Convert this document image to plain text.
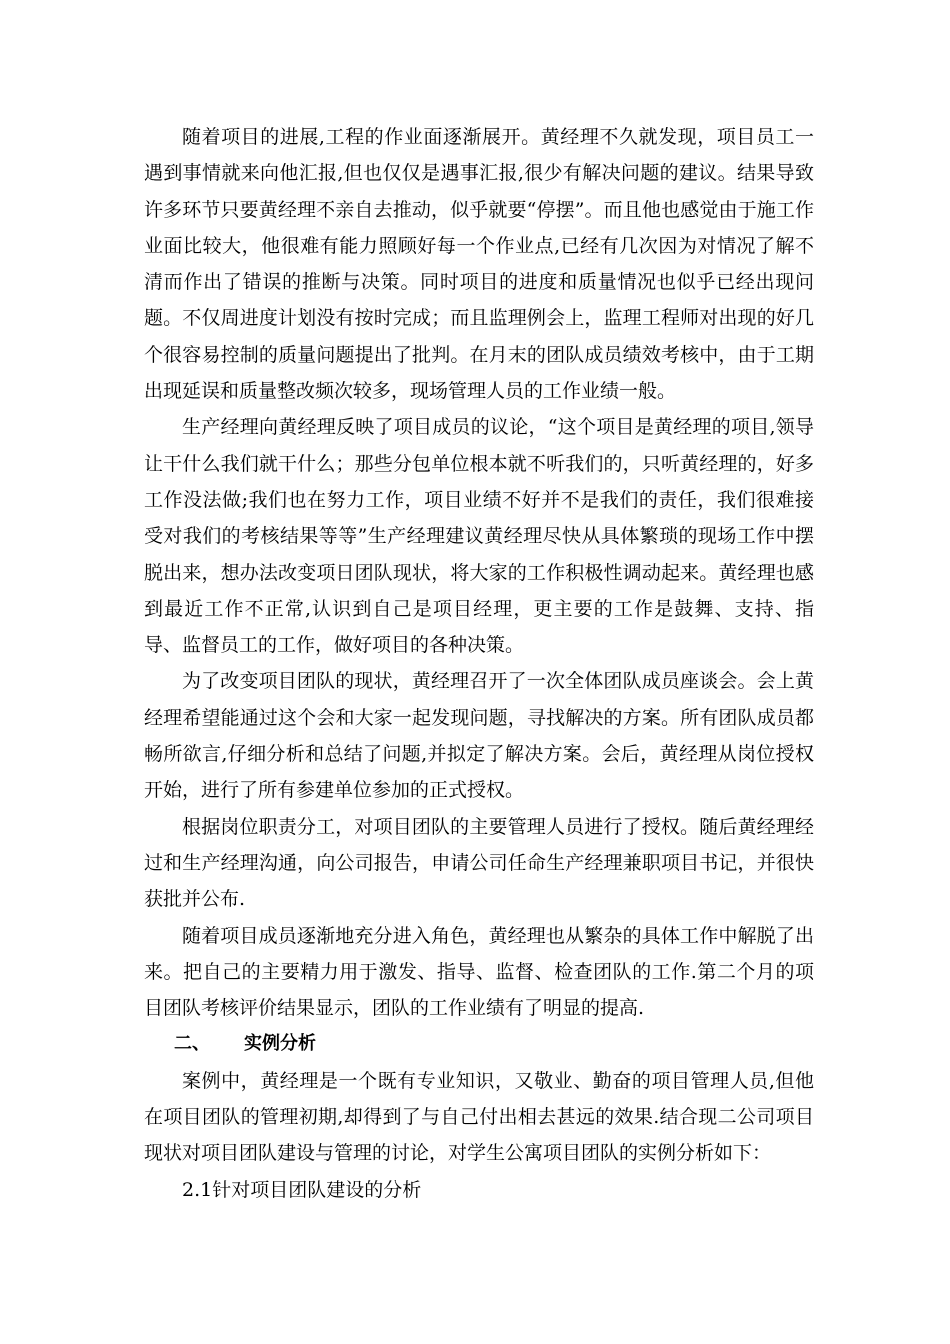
随着项目的进展,工程的作业面逐渐展开。黄经理不久就发现，项目员工一遇到事情就来向他汇报,但也仅仅是遇事汇报,很少有解决问题的建议。结果导致许多环节只要黄经理不亲自去推动，似乎就要“停摆”。而且他也感觉由于施工作业面比较大，他很难有能力照顾好每一个作业点,已经有几次因为对情况了解不清而作出了错误的推断与决策。同时项目的进度和质量情况也似乎已经出现问题。不仅周进度计划没有按时完成；而且监理例会上，监理工程师对出现的好几个很容易控制的质量问题提出了批判。在月末的团队成员绩效考核中，由于工期出现延误和质量整改频次较多，现场管理人员的工作业绩一般。

生产经理向黄经理反映了项目成员的议论，“这个项目是黄经理的项目,领导让干什么我们就干什么；那些分包单位根本就不听我们的，只听黄经理的，好多工作没法做;我们也在努力工作，项目业绩不好并不是我们的责任，我们很难接受对我们的考核结果等等”生产经理建议黄经理尽快从具体繁琐的现场工作中摆脱出来，想办法改变项日团队现状，将大家的工作积极性调动起来。黄经理也感到最近工作不正常,认识到自己是项目经理，更主要的工作是鼓舞、支持、指导、监督员工的工作，做好项目的各种决策。

为了改变项目团队的现状，黄经理召开了一次全体团队成员座谈会。会上黄经理希望能通过这个会和大家一起发现问题，寻找解决的方案。所有团队成员都畅所欲言,仔细分析和总结了问题,并拟定了解决方案。会后，黄经理从岗位授权开始，进行了所有参建单位参加的正式授权。

根据岗位职责分工，对项目团队的主要管理人员进行了授权。随后黄经理经过和生产经理沟通，向公司报告，申请公司任命生产经理兼职项目书记，并很快获批并公布.

随着项目成员逐渐地充分进入角色，黄经理也从繁杂的具体工作中解脱了出来。把自己的主要精力用于激发、指导、监督、检查团队的工作.第二个月的项目团队考核评价结果显示，团队的工作业绩有了明显的提高.

二、 实例分析

案例中，黄经理是一个既有专业知识，又敬业、勤奋的项目管理人员,但他在项目团队的管理初期,却得到了与自己付出相去甚远的效果.结合现二公司项目现状对项目团队建设与管理的讨论，对学生公寓项目团队的实例分析如下：

2.1针对项目团队建设的分析
